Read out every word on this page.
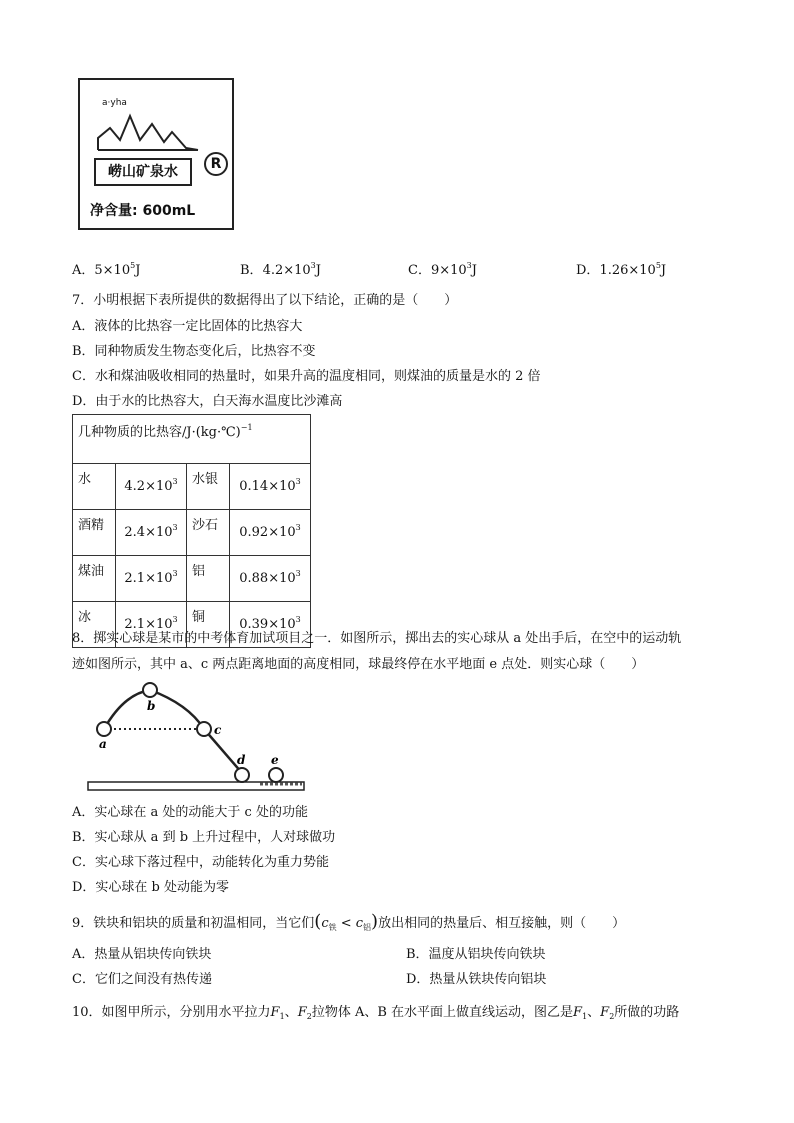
a·yha
崂山矿泉水	R
净含量: 600mL
A．$5\times 10^5J$	B．$4.2\times 10^3J$	C．$9\times 10^3J$	D．$1.26\times 10^5J$
7．小明根据下表所提供的数据得出了以下结论，正确的是（　　）
A．液体的比热容一定比固体的比热容大
B．同种物质发生物态变化后，比热容不变
C．水和煤油吸收相同的热量时，如果升高的温度相同，则煤油的质量是水的 2 倍
D．由于水的比热容大，白天海水温度比沙滩高
几种物质的比热容/J·(kg·℃)$^{-1}$
水	$4.2\times 10^3$	水银	$0.14\times 10^3$
酒精	$2.4\times 10^3$	沙石	$0.92\times 10^3$
煤油	$2.1\times 10^3$	铝	$0.88\times 10^3$
冰	$2.1\times 10^3$	铜	$0.39\times 10^3$
8．掷实心球是某市的中考体育加试项目之一．如图所示，掷出去的实心球从 a 处出手后，在空中的运动轨
迹如图所示，其中 a、c 两点距离地面的高度相同，球最终停在水平地面 e 点处．则实心球（　　）
a
b
c
d e
A．实心球在 a 处的动能大于 c 处的功能
B．实心球从 a 到 b 上升过程中，人对球做功
C．实心球下落过程中，动能转化为重力势能
D．实心球在 b 处动能为零
9．铁块和铝块的质量和初温相同，当它们$(c_铁 < c_铝)$放出相同的热量后、相互接触，则（　　）
A．热量从铝块传向铁块	B．温度从铝块传向铁块
C．它们之间没有热传递	D．热量从铁块传向铝块
10．如图甲所示，分别用水平拉力$F_1$、$F_2$拉物体 A、B 在水平面上做直线运动，图乙是$F_1$、$F_2$所做的功路
